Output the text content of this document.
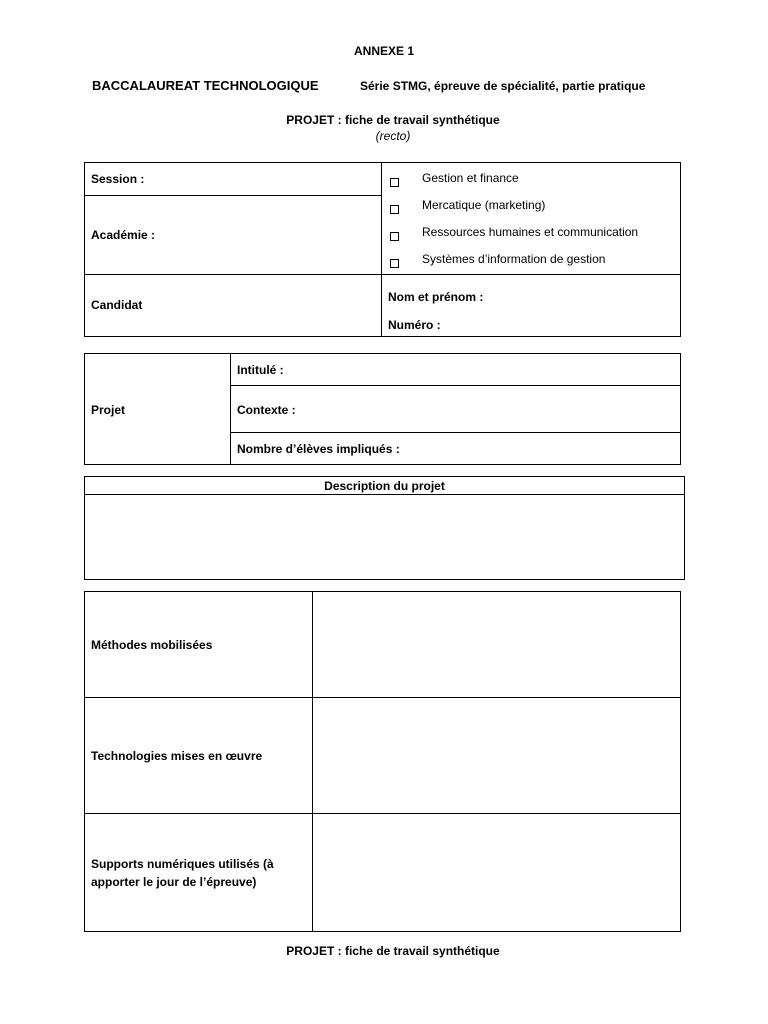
ANNEXE 1
BACCALAUREAT TECHNOLOGIQUE	Série STMG, épreuve de spécialité, partie pratique
PROJET : fiche de travail synthétique
(recto)
Session :
Académie :
Candidat
Gestion et finance
Mercatique (marketing)
Ressources humaines et communication
Systèmes d’information de gestion
Nom et prénom :
Numéro :
Projet
Intitulé :
Contexte :
Nombre d’élèves impliqués :
Description du projet
Méthodes mobilisées
Technologies mises en œuvre
Supports numériques utilisés (à
apporter le jour de l’épreuve)
PROJET : fiche de travail synthétique
